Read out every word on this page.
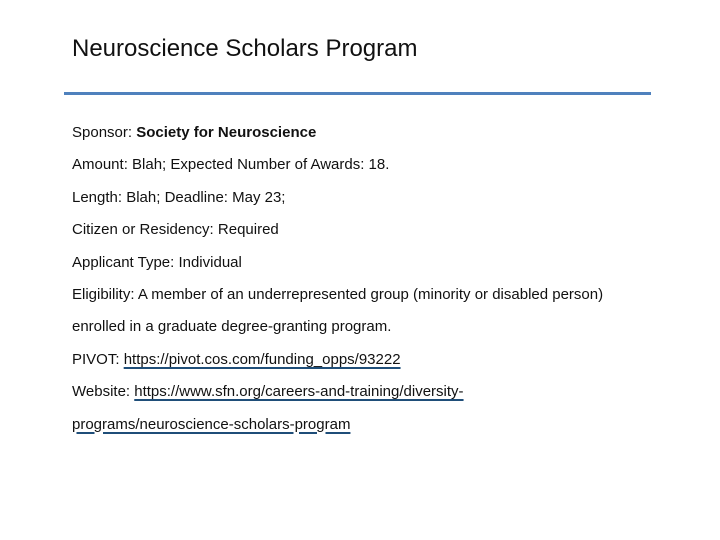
Neuroscience Scholars Program
Sponsor: Society for Neuroscience
Amount: Blah; Expected Number of Awards: 18.
Length: Blah; Deadline: May 23;
Citizen or Residency: Required
Applicant Type: Individual
Eligibility: A member of an underrepresented group (minority or disabled person)
enrolled in a graduate degree-granting program.
PIVOT: https://pivot.cos.com/funding_opps/93222
Website: https://www.sfn.org/careers-and-training/diversity-
programs/neuroscience-scholars-program
